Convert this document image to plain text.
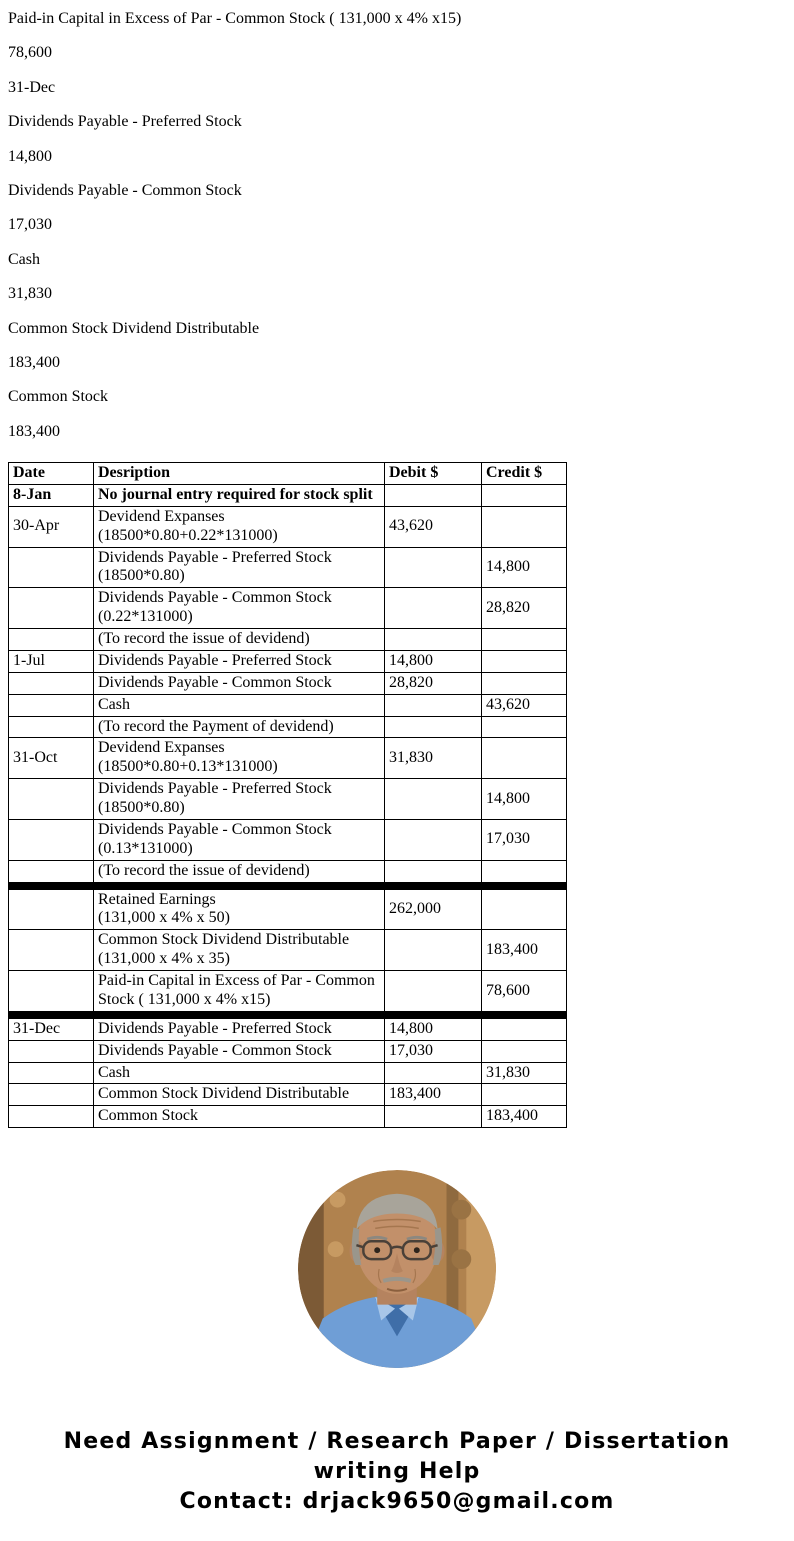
Paid-in Capital in Excess of Par - Common Stock ( 131,000 x 4% x15)

78,600

31-Dec

Dividends Payable - Preferred Stock

14,800

Dividends Payable - Common Stock

17,030

Cash

31,830

Common Stock Dividend Distributable

183,400

Common Stock

183,400

Date	Desription	Debit $	Credit $
8-Jan	No journal entry required for stock split		

30-Apr	Devidend Expanses
(18500*0.80+0.22*131000)	43,620	

	Dividends Payable - Preferred Stock
(18500*0.80)		14,800

	Dividends Payable - Common Stock
(0.22*131000)		28,820

	(To record the issue of devidend)		

1-Jul	Dividends Payable - Preferred Stock	14,800	

	Dividends Payable - Common Stock	28,820	

	Cash		43,620

	(To record the Payment of devidend)		

31-Oct	Devidend Expanses
(18500*0.80+0.13*131000)	31,830	

	Dividends Payable - Preferred Stock
(18500*0.80)		14,800

	Dividends Payable - Common Stock
(0.13*131000)		17,030

	(To record the issue of devidend)		

	Retained Earnings
(131,000 x 4% x 50)	262,000	

	Common Stock Dividend Distributable
(131,000 x 4% x 35)		183,400

	Paid-in Capital in Excess of Par - Common Stock ( 131,000 x 4% x15)		78,600

31-Dec	Dividends Payable - Preferred Stock	14,800	

	Dividends Payable - Common Stock	17,030	

	Cash		31,830

	Common Stock Dividend Distributable	183,400	

	Common Stock		183,400
Need Assignment / Research Paper / Dissertation
writing Help
Contact: drjack9650@gmail.com
